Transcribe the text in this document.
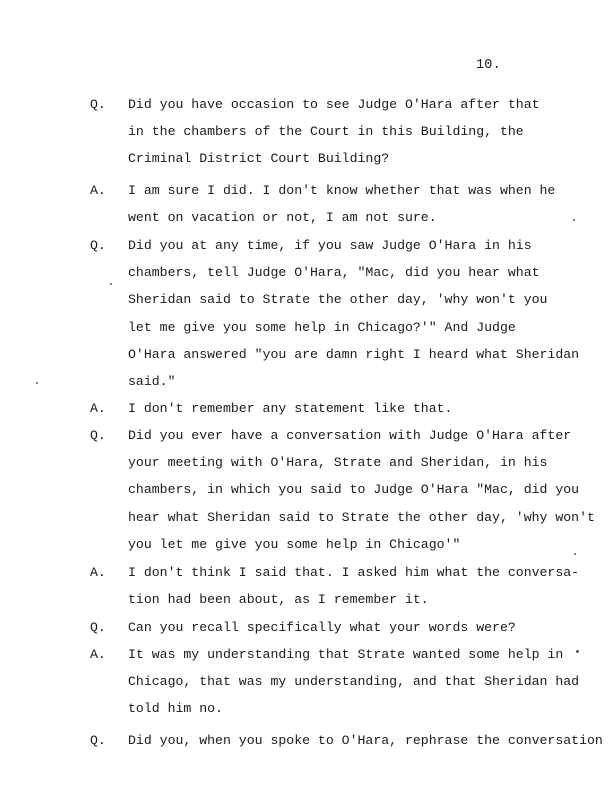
10.
Q. Did you have occasion to see Judge O'Hara after that
in the chambers of the Court in this Building, the
Criminal District Court Building?
A. I am sure I did. I don't know whether that was when he
went on vacation or not, I am not sure.
Q. Did you at any time, if you saw Judge O'Hara in his
chambers, tell Judge O'Hara, "Mac, did you hear what
Sheridan said to Strate the other day, 'why won't you
let me give you some help in Chicago?'" And Judge
O'Hara answered "you are damn right I heard what Sheridan
said."
A. I don't remember any statement like that.
Q. Did you ever have a conversation with Judge O'Hara after
your meeting with O'Hara, Strate and Sheridan, in his
chambers, in which you said to Judge O'Hara "Mac, did you
hear what Sheridan said to Strate the other day, 'why won't
you let me give you some help in Chicago'"
A. I don't think I said that. I asked him what the conversa-
tion had been about, as I remember it.
Q. Can you recall specifically what your words were?
A. It was my understanding that Strate wanted some help in
Chicago, that was my understanding, and that Sheridan had
told him no.
Q. Did you, when you spoke to O'Hara, rephrase the conversation
